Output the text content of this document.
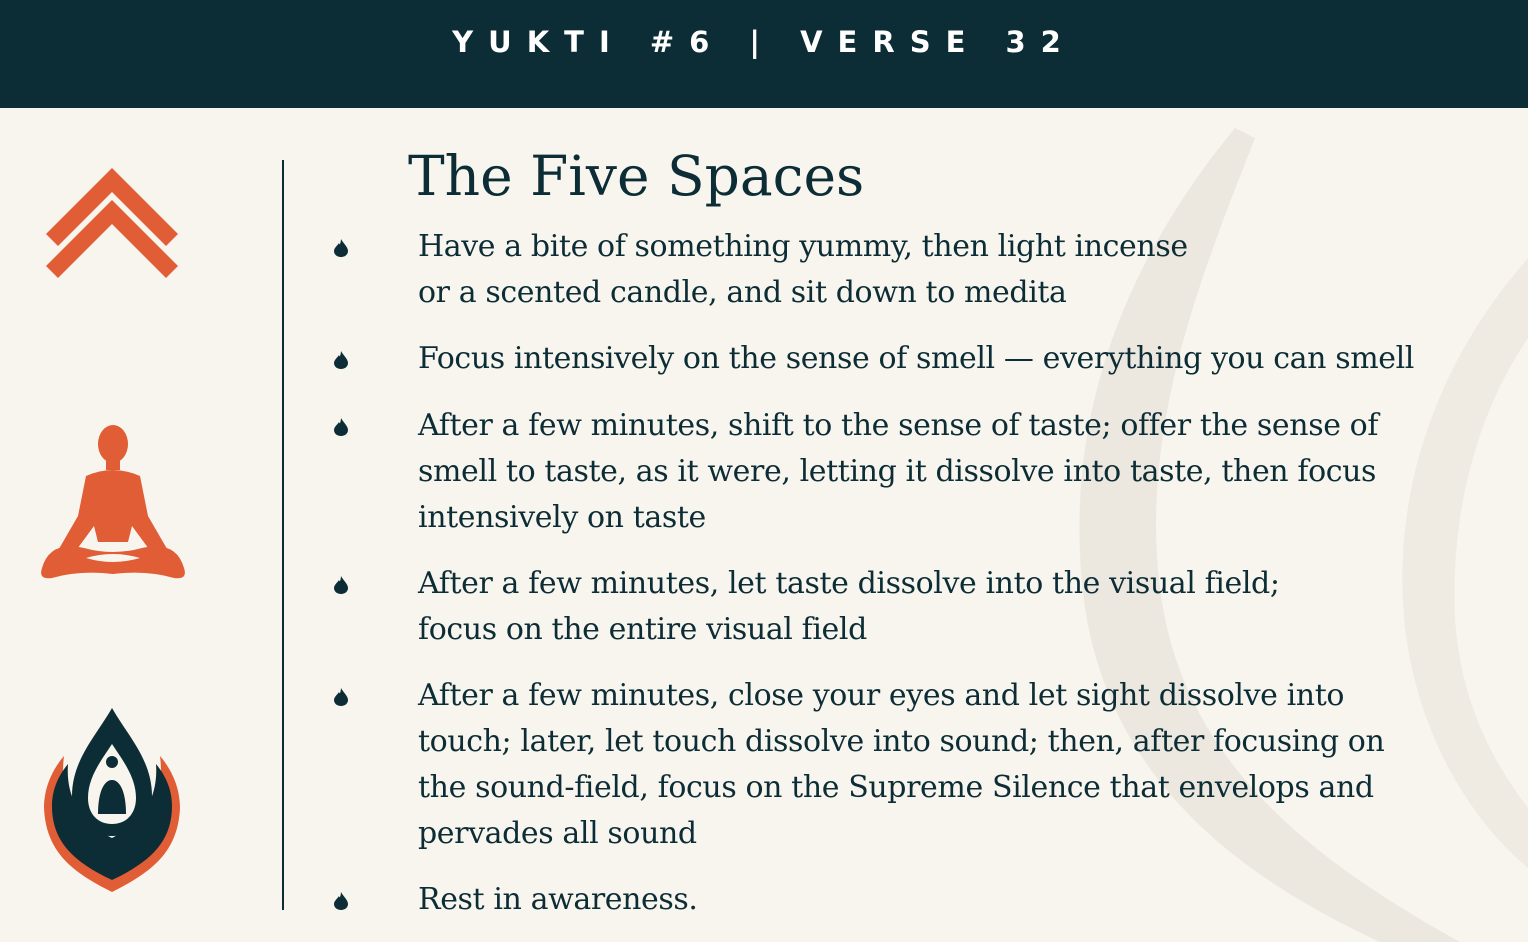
YUKTI #6 | VERSE 32
The Five Spaces
Have a bite of something yummy, then light incense
or a scented candle, and sit down to medita
Focus intensively on the sense of smell — everything you can smell
After a few minutes, shift to the sense of taste; offer the sense of
smell to taste, as it were, letting it dissolve into taste, then focus
intensively on taste
After a few minutes, let taste dissolve into the visual field;
focus on the entire visual field
After a few minutes, close your eyes and let sight dissolve into
touch; later, let touch dissolve into sound; then, after focusing on
the sound-field, focus on the Supreme Silence that envelops and
pervades all sound
Rest in awareness.
